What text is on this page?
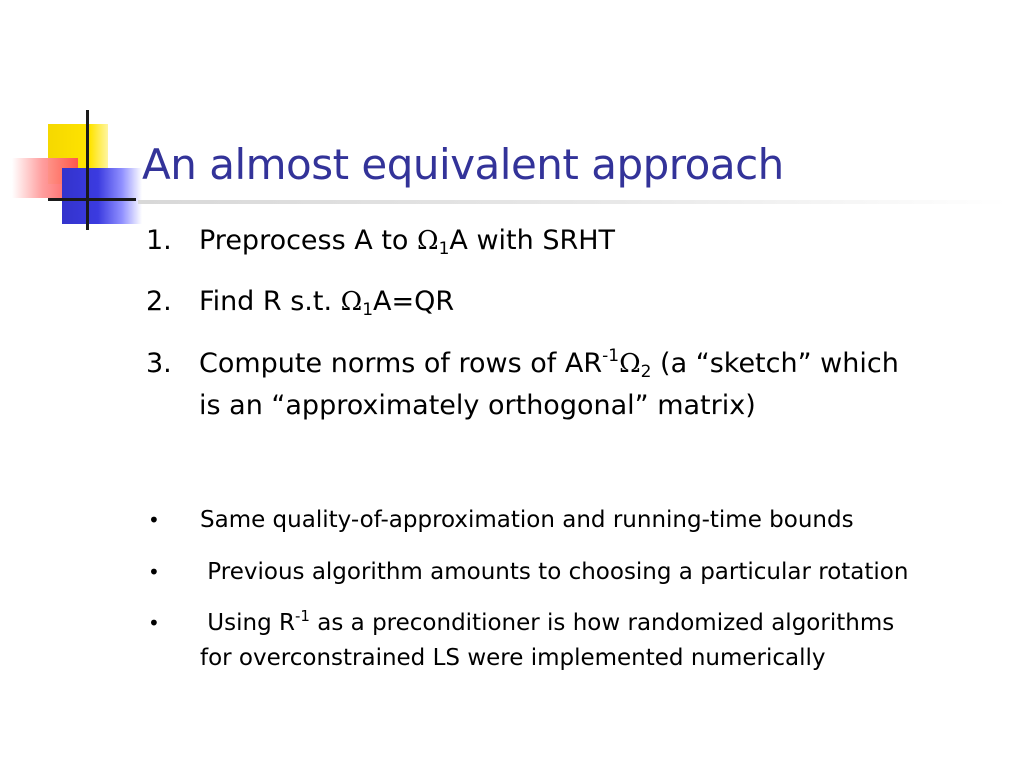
An almost equivalent approach
1. Preprocess A to $\Omega_1A$ with SRHT
2. Find R s.t. $\Omega_1A=QR$
3. Compute norms of rows of $AR^{-1}\Omega_2$ (a “sketch” which
is an “approximately orthogonal” matrix)
• Same quality-of-approximation and running-time bounds
• Previous algorithm amounts to choosing a particular rotation
• Using $R^{-1}$ as a preconditioner is how randomized algorithms
for overconstrained LS were implemented numerically
